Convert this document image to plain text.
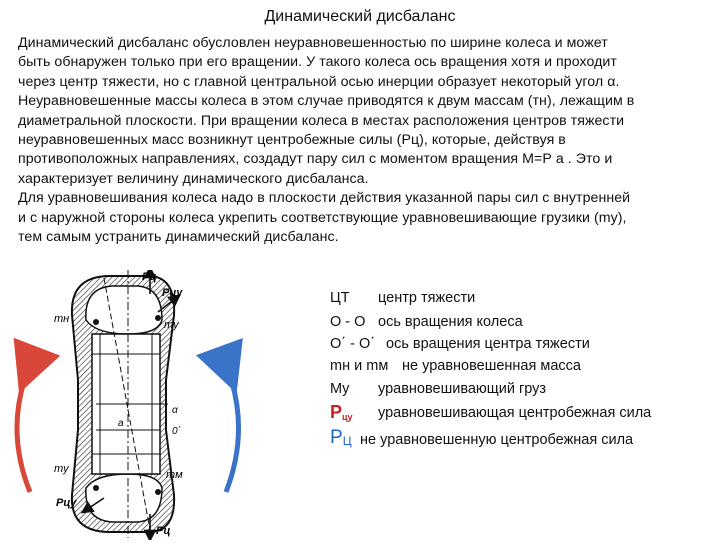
Динамический дисбаланс
Динамический дисбаланс обусловлен неуравновешенностью по ширине колеса и может
быть обнаружен только при его вращении. У такого колеса ось вращения хотя и проходит
через центр тяжести, но с главной центральной осью инерции образует некоторый угол α.
Неуравновешенные массы колеса в этом случае приводятся к двум массам (тн), лежащим в
диаметральной плоскости. При вращении колеса в местах расположения центров тяжести
неуравновешенных масс возникнут центробежные силы (Рц), которые, действуя в
противоположных направлениях, создадут пару сил с моментом вращения М=Р а . Это и
характеризует величину динамического дисбаланса.
Для уравновешивания колеса надо в плоскости действия указанной пары сил с внутренней
и с наружной стороны колеса укрепить соответствующие уравновешивающие грузики (mу),
тем самым устранить динамический дисбаланс.
Pц
Pцу
mн	mу
α
a
0΄
mу	mм
Pцу
Pц
ЦТ центр тяжести
О - О ось вращения колеса
О΄ - О΄ ось вращения центра тяжести
mн и mм не уравновешенная масса
Mу уравновешивающий груз
$Р_{цу}$ уравновешивающая центробежная сила
РЦ не уравновешенную центробежная сила
